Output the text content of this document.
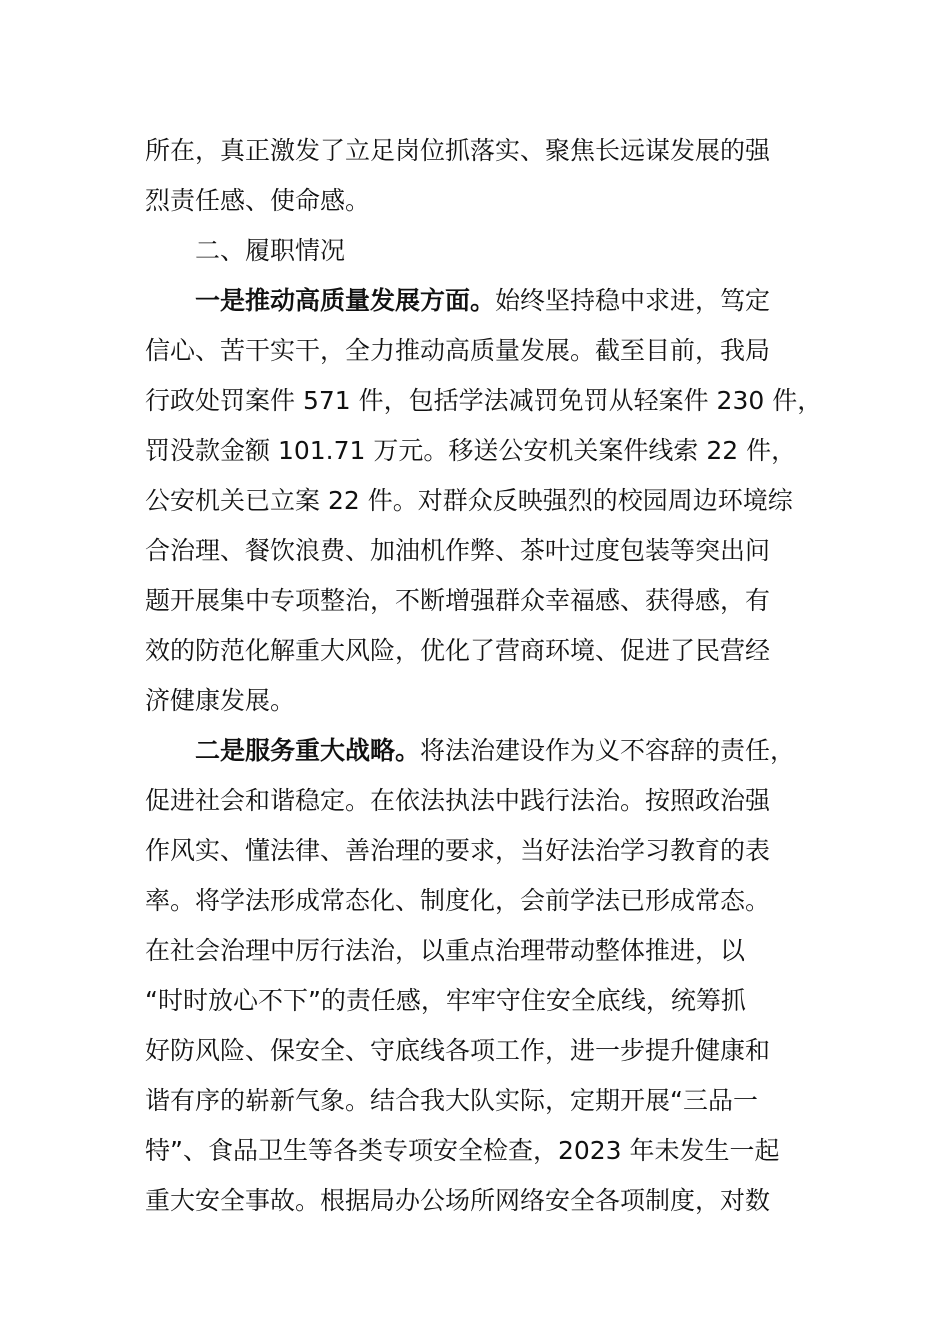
所在，真正激发了立足岗位抓落实、聚焦长远谋发展的强
烈责任感、使命感。
二、履职情况
一是推动高质量发展方面。始终坚持稳中求进，笃定
信心、苦干实干，全力推动高质量发展。截至目前，我局
行政处罚案件 571 件，包括学法减罚免罚从轻案件 230 件，
罚没款金额 101.71 万元。移送公安机关案件线索 22 件，
公安机关已立案 22 件。对群众反映强烈的校园周边环境综
合治理、餐饮浪费、加油机作弊、茶叶过度包装等突出问
题开展集中专项整治，不断增强群众幸福感、获得感，有
效的防范化解重大风险，优化了营商环境、促进了民营经
济健康发展。
二是服务重大战略。将法治建设作为义不容辞的责任，
促进社会和谐稳定。在依法执法中践行法治。按照政治强
作风实、懂法律、善治理的要求，当好法治学习教育的表
率。将学法形成常态化、制度化，会前学法已形成常态。
在社会治理中厉行法治，以重点治理带动整体推进，以
“时时放心不下”的责任感，牢牢守住安全底线，统筹抓
好防风险、保安全、守底线各项工作，进一步提升健康和
谐有序的崭新气象。结合我大队实际，定期开展“三品一
特”、食品卫生等各类专项安全检查，2023 年未发生一起
重大安全事故。根据局办公场所网络安全各项制度，对数
